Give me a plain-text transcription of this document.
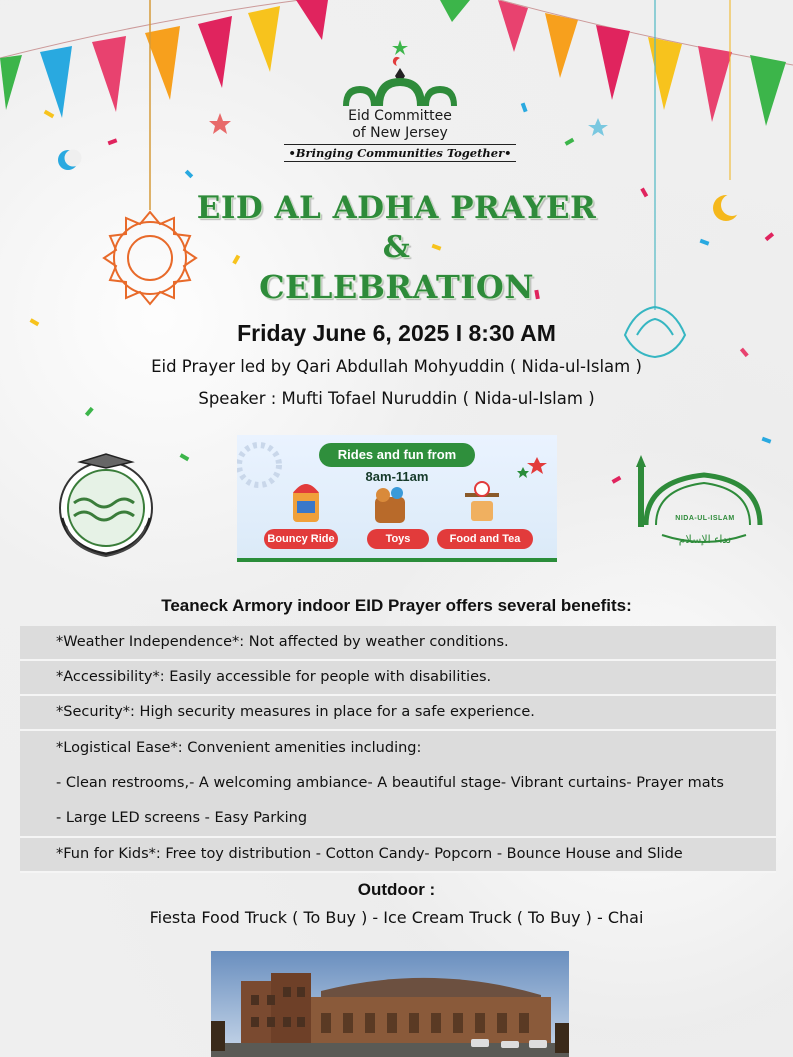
Eid Committee
of New Jersey
•Bringing Communities Together•
EID AL ADHA PRAYER
&
CELEBRATION
Friday June 6, 2025 I 8:30 AM
Eid Prayer led by Qari Abdullah Mohyuddin ( Nida-ul-Islam )
Speaker : Mufti Tofael Nuruddin ( Nida-ul-Islam )
Rides and fun from
8am-11am
Bouncy Ride	Toys	Food and Tea
NIDA-UL-ISLAM
نداء الإسلام
Teaneck Armory indoor EID Prayer offers several benefits:
*Weather Independence*: Not affected by weather conditions.
*Accessibility*: Easily accessible for people with disabilities.
*Security*: High security measures in place for a safe experience.
*Logistical Ease*: Convenient amenities including:
- Clean restrooms,- A welcoming ambiance- A beautiful stage- Vibrant curtains- Prayer mats
- Large LED screens - Easy Parking
*Fun for Kids*: Free toy distribution - Cotton Candy- Popcorn - Bounce House and Slide
Outdoor :
Fiesta Food Truck ( To Buy ) - Ice Cream Truck ( To Buy ) - Chai
